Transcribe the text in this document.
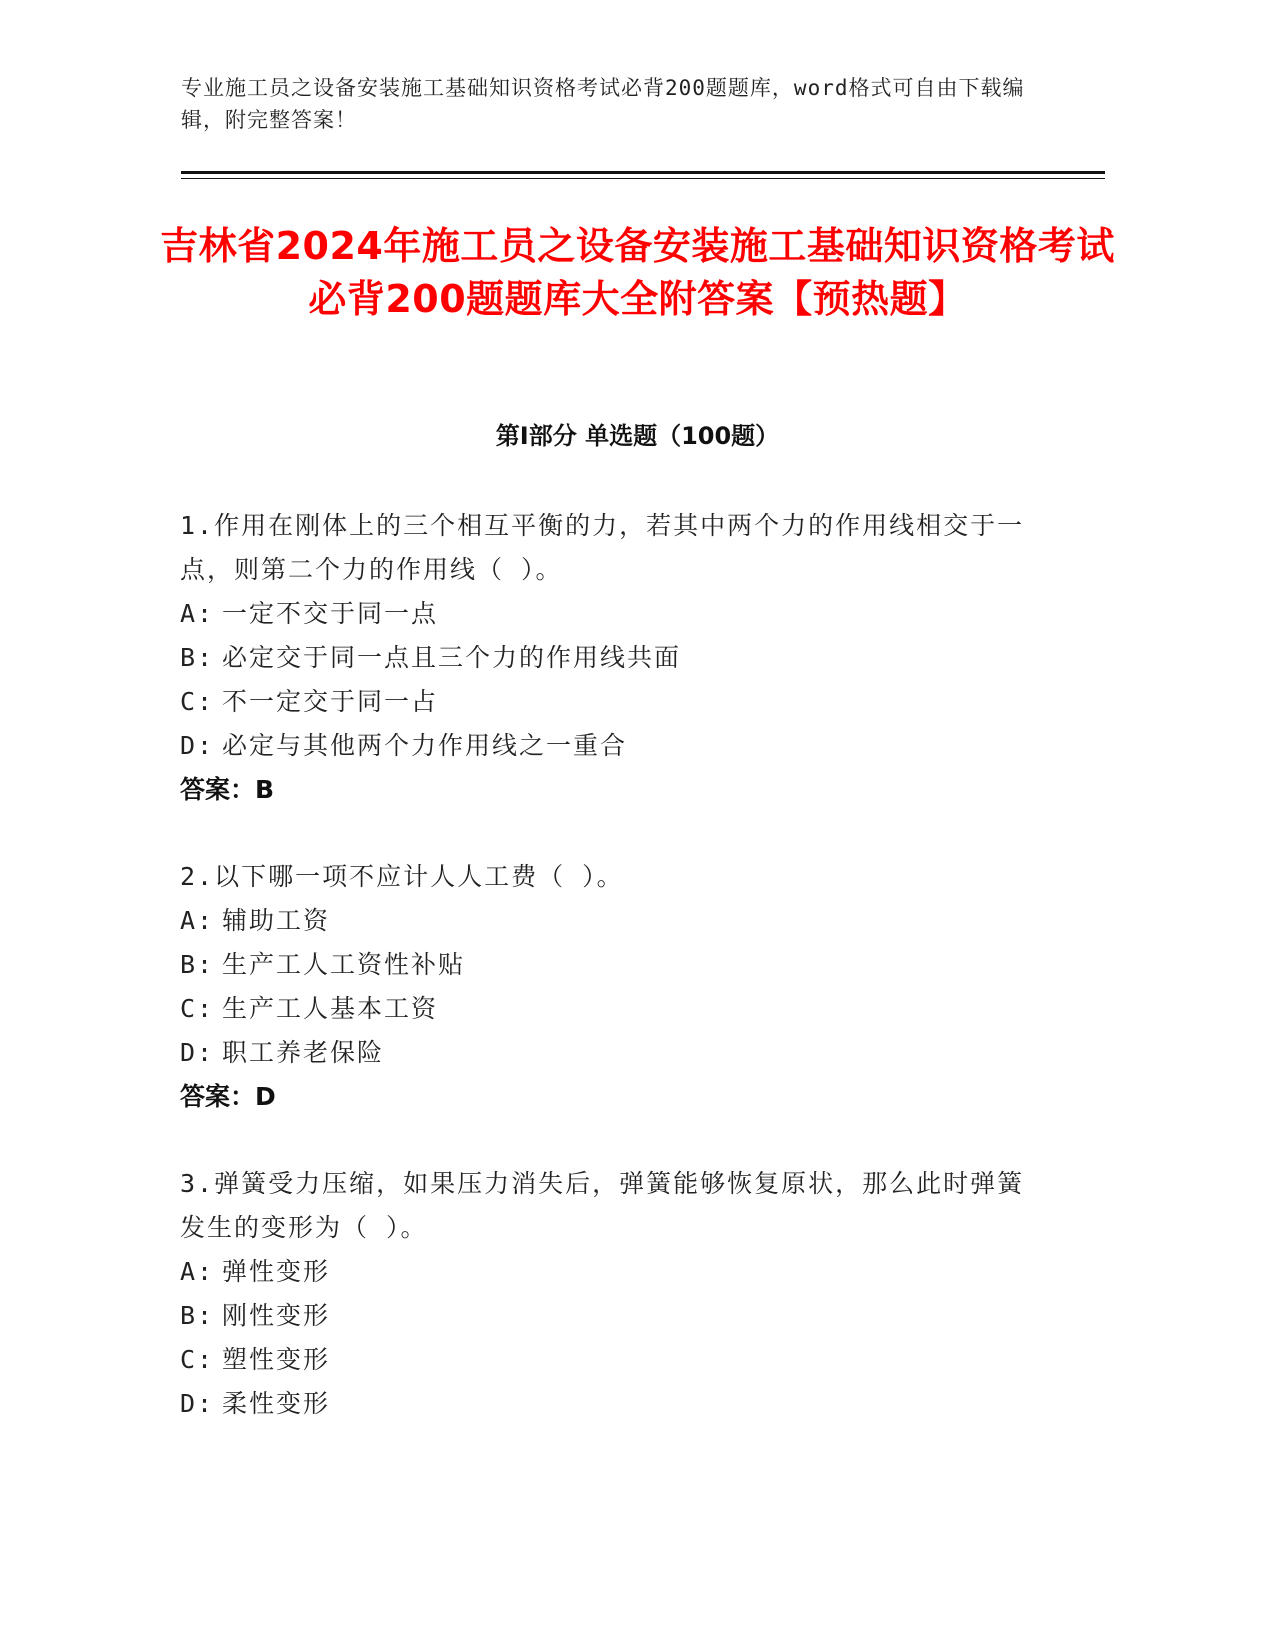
专业施工员之设备安装施工基础知识资格考试必背200题题库，word格式可自由下载编辑，附完整答案！
吉林省2024年施工员之设备安装施工基础知识资格考试必背200题题库大全附答案【预热题】
第I部分 单选题（100题）
1.作用在刚体上的三个相互平衡的力，若其中两个力的作用线相交于一点，则第二个力的作用线（ ）。
A: 一定不交于同一点
B: 必定交于同一点且三个力的作用线共面
C: 不一定交于同一占
D: 必定与其他两个力作用线之一重合
答案：B
2.以下哪一项不应计人人工费（ ）。
A: 辅助工资
B: 生产工人工资性补贴
C: 生产工人基本工资
D: 职工养老保险
答案：D
3.弹簧受力压缩，如果压力消失后，弹簧能够恢复原状，那么此时弹簧发生的变形为（ ）。
A: 弹性变形
B: 刚性变形
C: 塑性变形
D: 柔性变形
